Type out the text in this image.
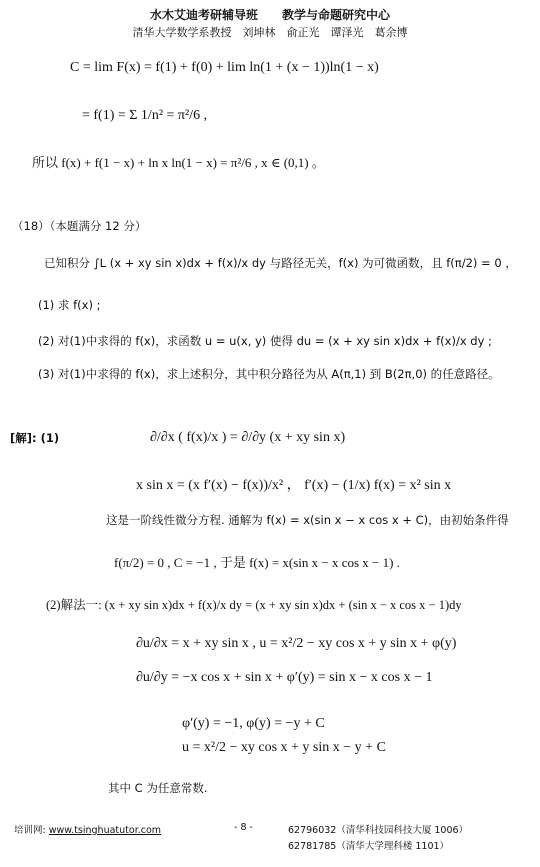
水木艾迪考研辅导班　　教学与命题研究中心
清华大学数学系教授　刘坤林　俞正光　谭泽光　葛余博
C = lim F(x) = f(1) + f(0) + lim ln(1 + (x − 1))ln(1 − x)
= f(1) = Σ 1/n² = π²/6 ,
所以 f(x) + f(1 − x) + ln x ln(1 − x) = π²/6 , x ∈ (0,1) 。
（18）（本题满分 12 分）
已知积分 ∫L (x + xy sin x)dx + f(x)/x dy 与路径无关，f(x) 为可微函数，且 f(π/2) = 0 ，
(1) 求 f(x) ;
(2) 对(1)中求得的 f(x)，求函数 u = u(x, y) 使得 du = (x + xy sin x)dx + f(x)/x dy ;
(3) 对(1)中求得的 f(x)，求上述积分，其中积分路径为从 A(π,1) 到 B(2π,0) 的任意路径。
[解]: (1)	∂/∂x ( f(x)/x ) = ∂/∂y (x + xy sin x)
x sin x = (x f′(x) − f(x))/x² ， f′(x) − (1/x) f(x) = x² sin x
这是一阶线性微分方程. 通解为 f(x) = x(sin x − x cos x + C)，由初始条件得
f(π/2) = 0 , C = −1 , 于是 f(x) = x(sin x − x cos x − 1) .
(2)解法一: (x + xy sin x)dx + f(x)/x dy = (x + xy sin x)dx + (sin x − x cos x − 1)dy
∂u/∂x = x + xy sin x , u = x²/2 − xy cos x + y sin x + φ(y)
∂u/∂y = −x cos x + sin x + φ′(y) = sin x − x cos x − 1
φ′(y) = −1, φ(y) = −y + C
u = x²/2 − xy cos x + y sin x − y + C
其中 C 为任意常数.
培训网: www.tsinghuatutor.com	- 8 -	62796032（清华科技园科技大厦 1006）
62781785（清华大学理科楼 1101）
